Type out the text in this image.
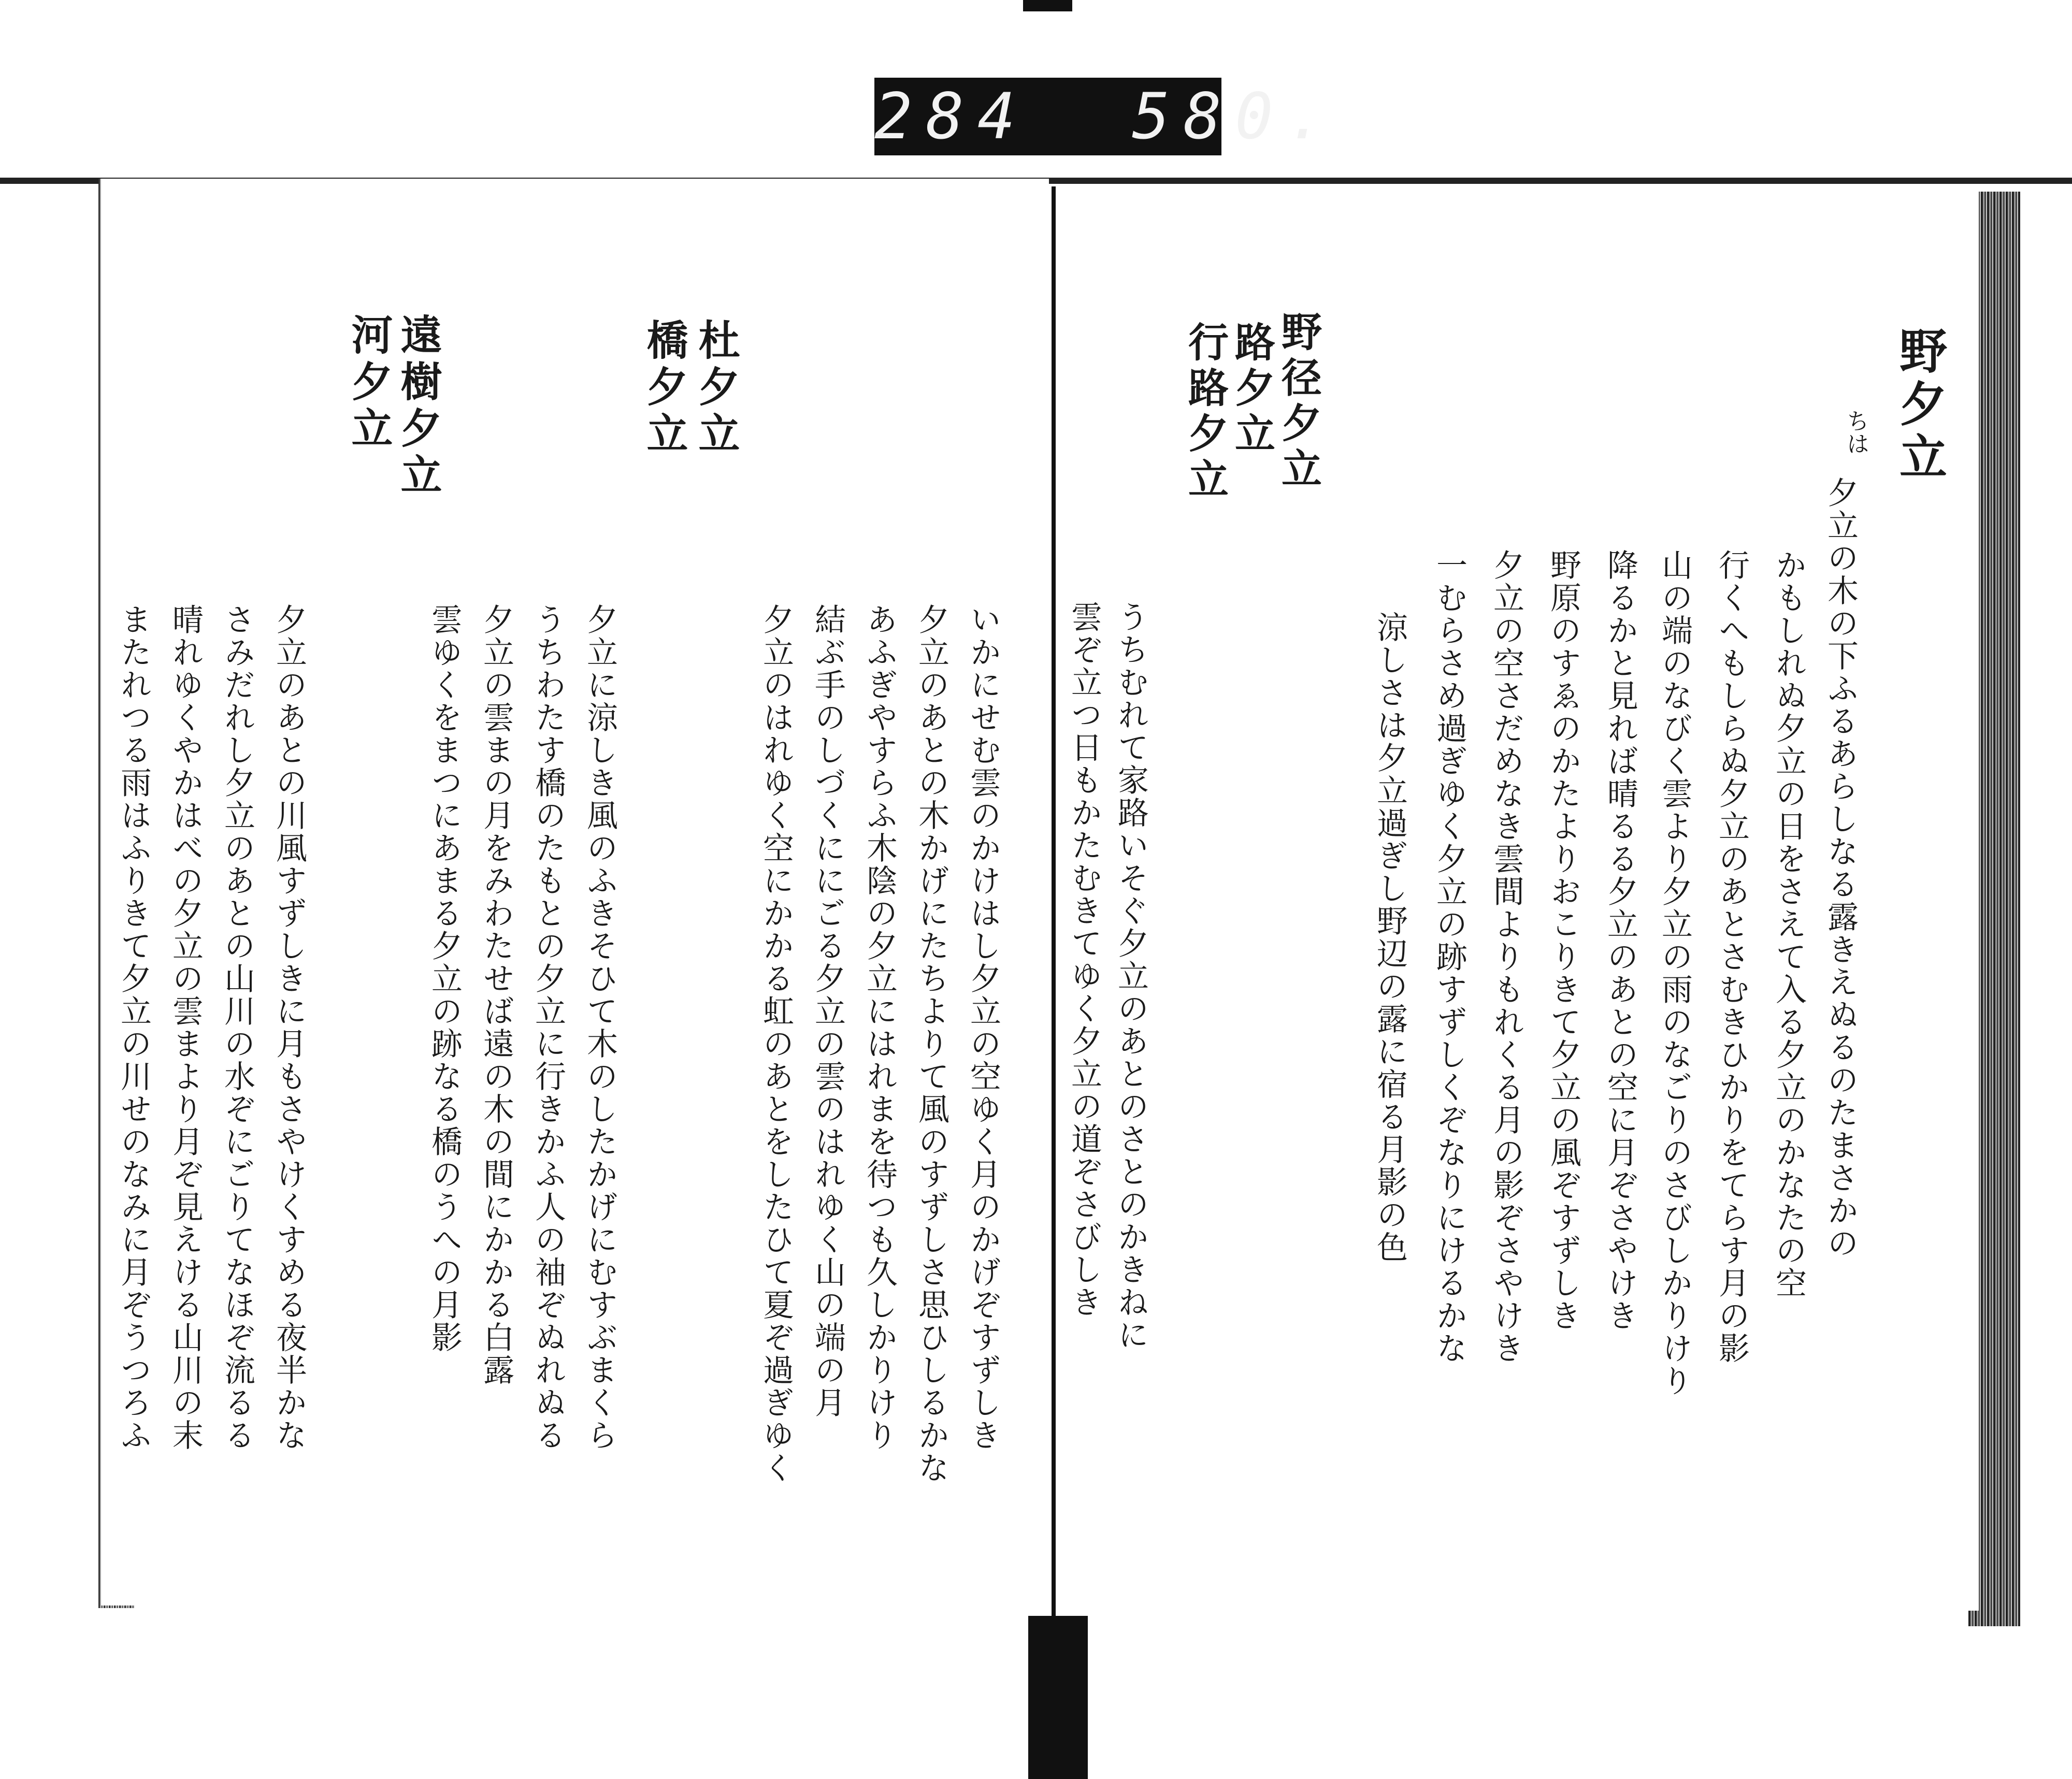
284 580.
野夕立
夕立の木の下ふるあらしなる露きえぬるのたまさかの
ちは
かもしれぬ夕立の日をさえて入る夕立のかなたの空
行くへもしらぬ夕立のあとさむきひかりをてらす月の影
山の端のなびく雲より夕立の雨のなごりのさびしかりけり
降るかと見れば晴るる夕立のあとの空に月ぞさやけき
野原のすゑのかたよりおこりきて夕立の風ぞすずしき
夕立の空さだめなき雲間よりもれくる月の影ぞさやけき
一むらさめ過ぎゆく夕立の跡すずしくぞなりにけるかな
涼しさは夕立過ぎし野辺の露に宿る月影の色
野径夕立
路夕立
行路夕立
うちむれて家路いそぐ夕立のあとのさとのかきねに
雲ぞ立つ日もかたむきてゆく夕立の道ぞさびしき
いかにせむ雲のかけはし夕立の空ゆく月のかげぞすずしき
夕立のあとの木かげにたちよりて風のすずしさ思ひしるかな
あふぎやすらふ木陰の夕立にはれまを待つも久しかりけり
結ぶ手のしづくににごる夕立の雲のはれゆく山の端の月
夕立のはれゆく空にかかる虹のあとをしたひて夏ぞ過ぎゆく
杜夕立
橋夕立
夕立に涼しき風のふきそひて木のしたかげにむすぶまくら
うちわたす橋のたもとの夕立に行きかふ人の袖ぞぬれぬる
夕立の雲まの月をみわたせば遠の木の間にかかる白露
雲ゆくをまつにあまる夕立の跡なる橋のうへの月影
遠樹夕立
河夕立
夕立のあとの川風すずしきに月もさやけくすめる夜半かな
さみだれし夕立のあとの山川の水ぞにごりてなほぞ流るる
晴れゆくやかはべの夕立の雲まより月ぞ見えける山川の末
またれつる雨はふりきて夕立の川せのなみに月ぞうつろふ
